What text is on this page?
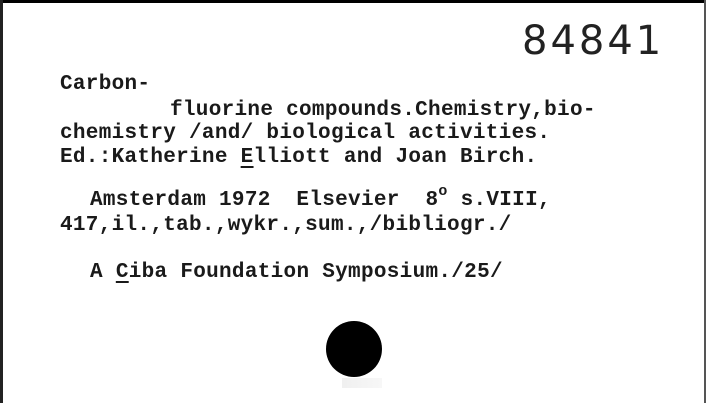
84841
Carbon-
fluorine compounds.Chemistry,bio-
chemistry /and/ biological activities.
Ed.:Katherine Elliott and Joan Birch.
Amsterdam 1972  Elsevier  8$^o$ s.VIII,
417,il.,tab.,wykr.,sum.,/bibliogr./
A Ciba Foundation Symposium./25/
